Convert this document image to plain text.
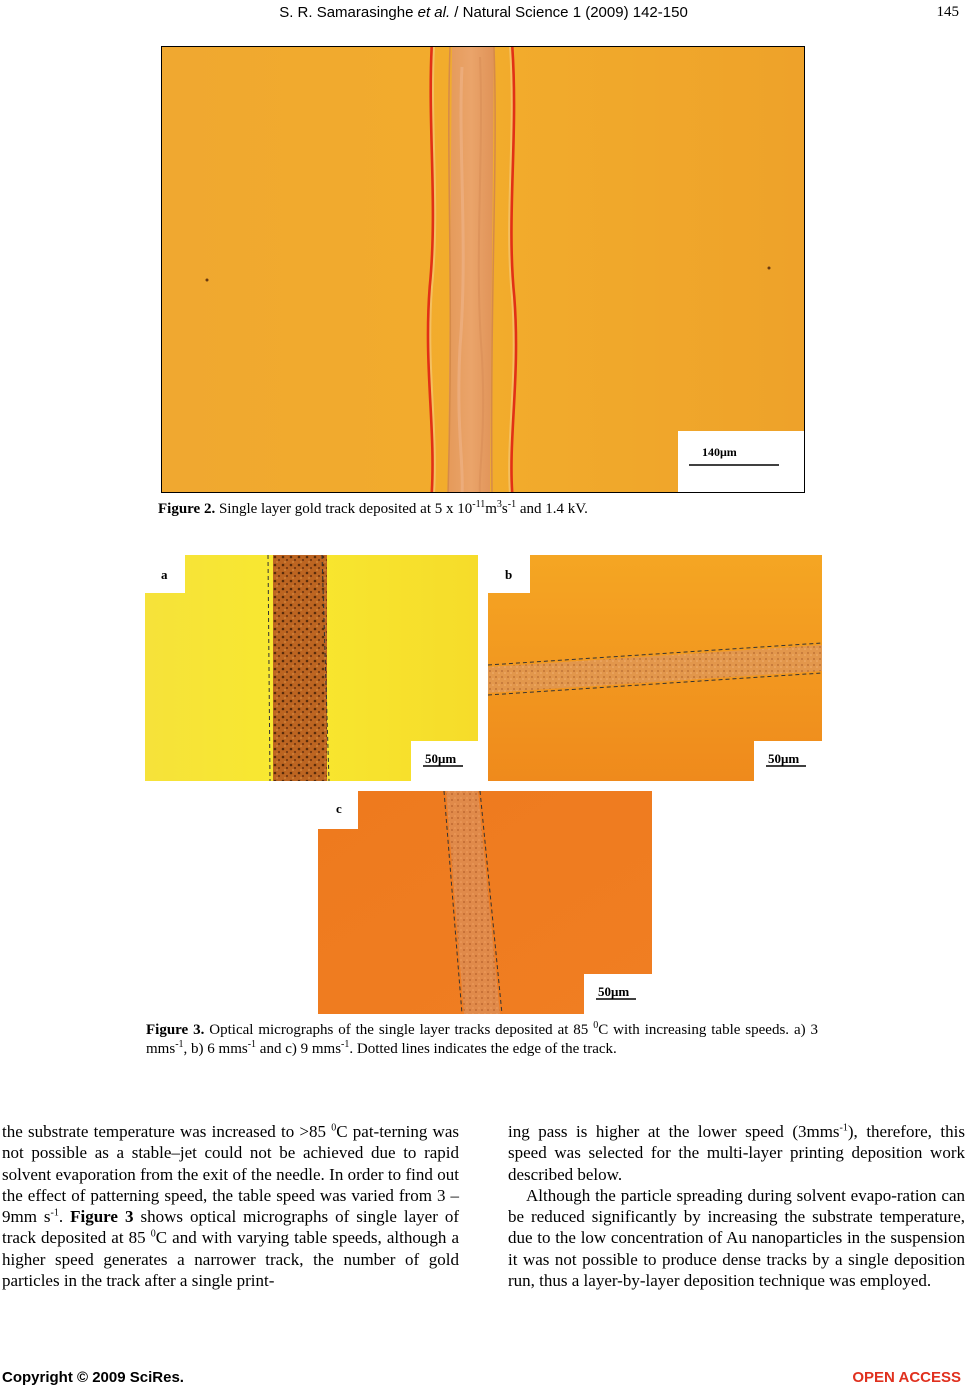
S. R. Samarasinghe et al. / Natural Science 1 (2009) 142-150	145
140μm
Figure 2. Single layer gold track deposited at 5 x $10^{-11}m^3s^{-1}$ and 1.4 kV.
a
50μm
b
50μm
c
50μm
Figure 3. Optical micrographs of the single layer tracks deposited at 85 $^0$C with increasing table speeds. a) 3 mms$^{-1}$, b) 6 mms$^{-1}$ and c) 9 mms$^{-1}$. Dotted lines indicates the edge of the track.

the substrate temperature was increased to >85 $^0$C pat-terning was not possible as a stable–jet could not be achieved due to rapid solvent evaporation from the exit of the needle. In order to find out the effect of patterning speed, the table speed was varied from 3 – 9mm $s^{-1}$. Figure 3 shows optical micrographs of single layer of track deposited at 85 $^0$C and with varying table speeds, although a higher speed generates a narrower track, the number of gold particles in the track after a single print-

ing pass is higher at the lower speed (3mms$^{-1}$), therefore, this speed was selected for the multi-layer printing deposition work described below.

Although the particle spreading during solvent evapo-ration can be reduced significantly by increasing the substrate temperature, due to the low concentration of Au nanoparticles in the suspension it was not possible to produce dense tracks by a single deposition run, thus a layer-by-layer deposition technique was employed.

Copyright © 2009 SciRes.	OPEN ACCESS
